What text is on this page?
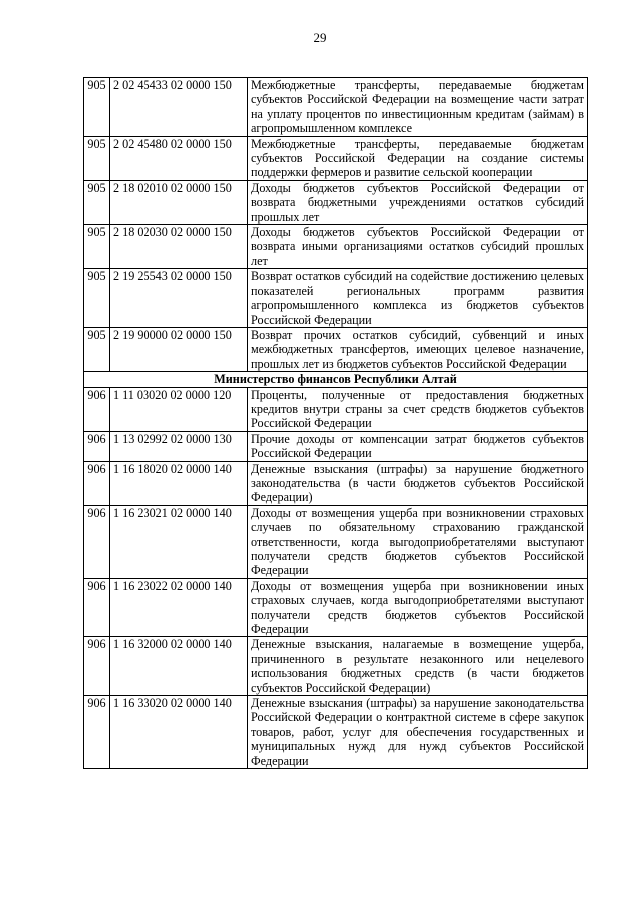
29
905	2 02 45433 02 0000 150	Межбюджетные трансферты, передаваемые бюджетам субъектов Российской Федерации на возмещение части затрат на уплату процентов по инвестиционным кредитам (займам) в агропромышленном комплексе
905	2 02 45480 02 0000 150	Межбюджетные трансферты, передаваемые бюджетам субъектов Российской Федерации на создание системы поддержки фермеров и развитие сельской кооперации
905	2 18 02010 02 0000 150	Доходы бюджетов субъектов Российской Федерации от возврата бюджетными учреждениями остатков субсидий прошлых лет
905	2 18 02030 02 0000 150	Доходы бюджетов субъектов Российской Федерации от возврата иными организациями остатков субсидий прошлых лет
905	2 19 25543 02 0000 150	Возврат остатков субсидий на содействие достижению целевых показателей региональных программ развития агропромышленного комплекса из бюджетов субъектов Российской Федерации
905	2 19 90000 02 0000 150	Возврат прочих остатков субсидий, субвенций и иных межбюджетных трансфертов, имеющих целевое назначение, прошлых лет из бюджетов субъектов Российской Федерации
Министерство финансов Республики Алтай		
906	1 11 03020 02 0000 120	Проценты, полученные от предоставления бюджетных кредитов внутри страны за счет средств бюджетов субъектов Российской Федерации
906	1 13 02992 02 0000 130	Прочие доходы от компенсации затрат бюджетов субъектов Российской Федерации
906	1 16 18020 02 0000 140	Денежные взыскания (штрафы) за нарушение бюджетного законодательства (в части бюджетов субъектов Российской Федерации)
906	1 16 23021 02 0000 140	Доходы от возмещения ущерба при возникновении страховых случаев по обязательному страхованию гражданской ответственности, когда выгодоприобретателями выступают получатели средств бюджетов субъектов Российской Федерации
906	1 16 23022 02 0000 140	Доходы от возмещения ущерба при возникновении иных страховых случаев, когда выгодоприобретателями выступают получатели средств бюджетов субъектов Российской Федерации
906	1 16 32000 02 0000 140	Денежные взыскания, налагаемые в возмещение ущерба, причиненного в результате незаконного или нецелевого использования бюджетных средств (в части бюджетов субъектов Российской Федерации)
906	1 16 33020 02 0000 140	Денежные взыскания (штрафы) за нарушение законодательства Российской Федерации о контрактной системе в сфере закупок товаров, работ, услуг для обеспечения государственных и муниципальных нужд для нужд субъектов Российской Федерации
